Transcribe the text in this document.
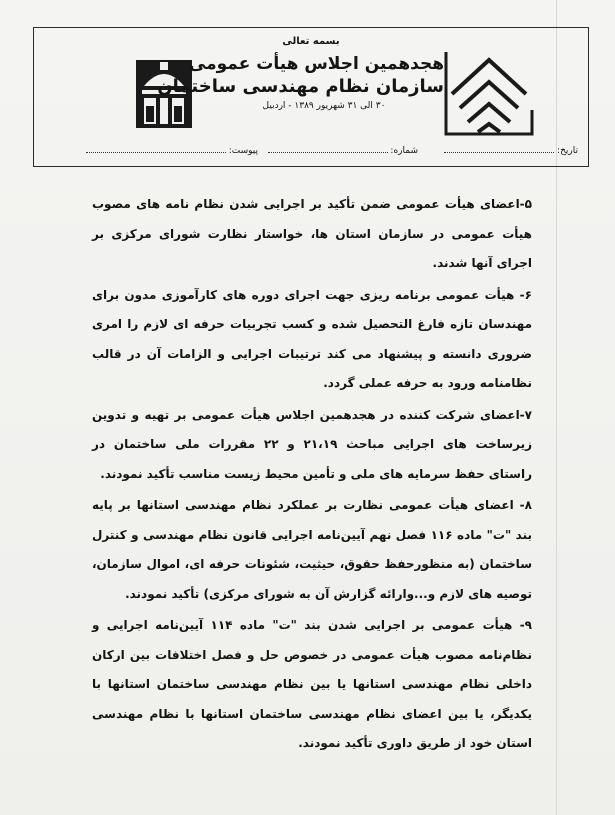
بسمه تعالی
هجدهمین اجلاس هیأت عمومی
سازمان نظام مهندسی ساختمان
۳۰ الی ۳۱ شهریور ۱۳۸۹ - اردبیل
تاریخ:
شماره:
پیوست:

۵-اعضای هیأت عمومی ضمن تأکید بر اجرایی شدن نظام نامه های مصوب هیأت عمومی در سازمان استان ها، خواستار نظارت شورای مرکزی بر اجرای آنها شدند.

۶- هیأت عمومی برنامه ریزی جهت اجرای دوره های کارآموزی مدون برای مهندسان تازه فارغ التحصیل شده و کسب تجربیات حرفه ای لازم را امری ضروری دانسته و پیشنهاد می کند ترتیبات اجرایی و الزامات آن در قالب نظامنامه ورود به حرفه عملی گردد.

۷-اعضای شرکت کننده در هجدهمین اجلاس هیأت عمومی بر تهیه و تدوین زیرساخت های اجرایی مباحث ۲۱،۱۹ و ۲۲ مقررات ملی ساختمان در راستای حفظ سرمایه های ملی و تأمین محیط زیست مناسب تأکید نمودند.

۸- اعضای هیأت عمومی نظارت بر عملکرد نظام مهندسی استانها بر پایه بند "ت" ماده ۱۱۶ فصل نهم آیین‌نامه اجرایی قانون نظام مهندسی و کنترل ساختمان (به منظورحفظ حقوق، حیثیت، شئونات حرفه ای، اموال سازمان، توصیه های لازم و...وارائه گزارش آن به شورای مرکزی) تأکید نمودند.

۹- هیأت عمومی بر اجرایی شدن بند "ت" ماده ۱۱۴ آیین‌نامه اجرایی و نظام‌نامه مصوب هیأت عمومی در خصوص حل و فصل اختلافات بین ارکان داخلی نظام مهندسی استانها یا بین نظام مهندسی ساختمان استانها با یکدیگر، یا بین اعضای نظام مهندسی ساختمان استانها با نظام مهندسی استان خود از طریق داوری تأکید نمودند.
